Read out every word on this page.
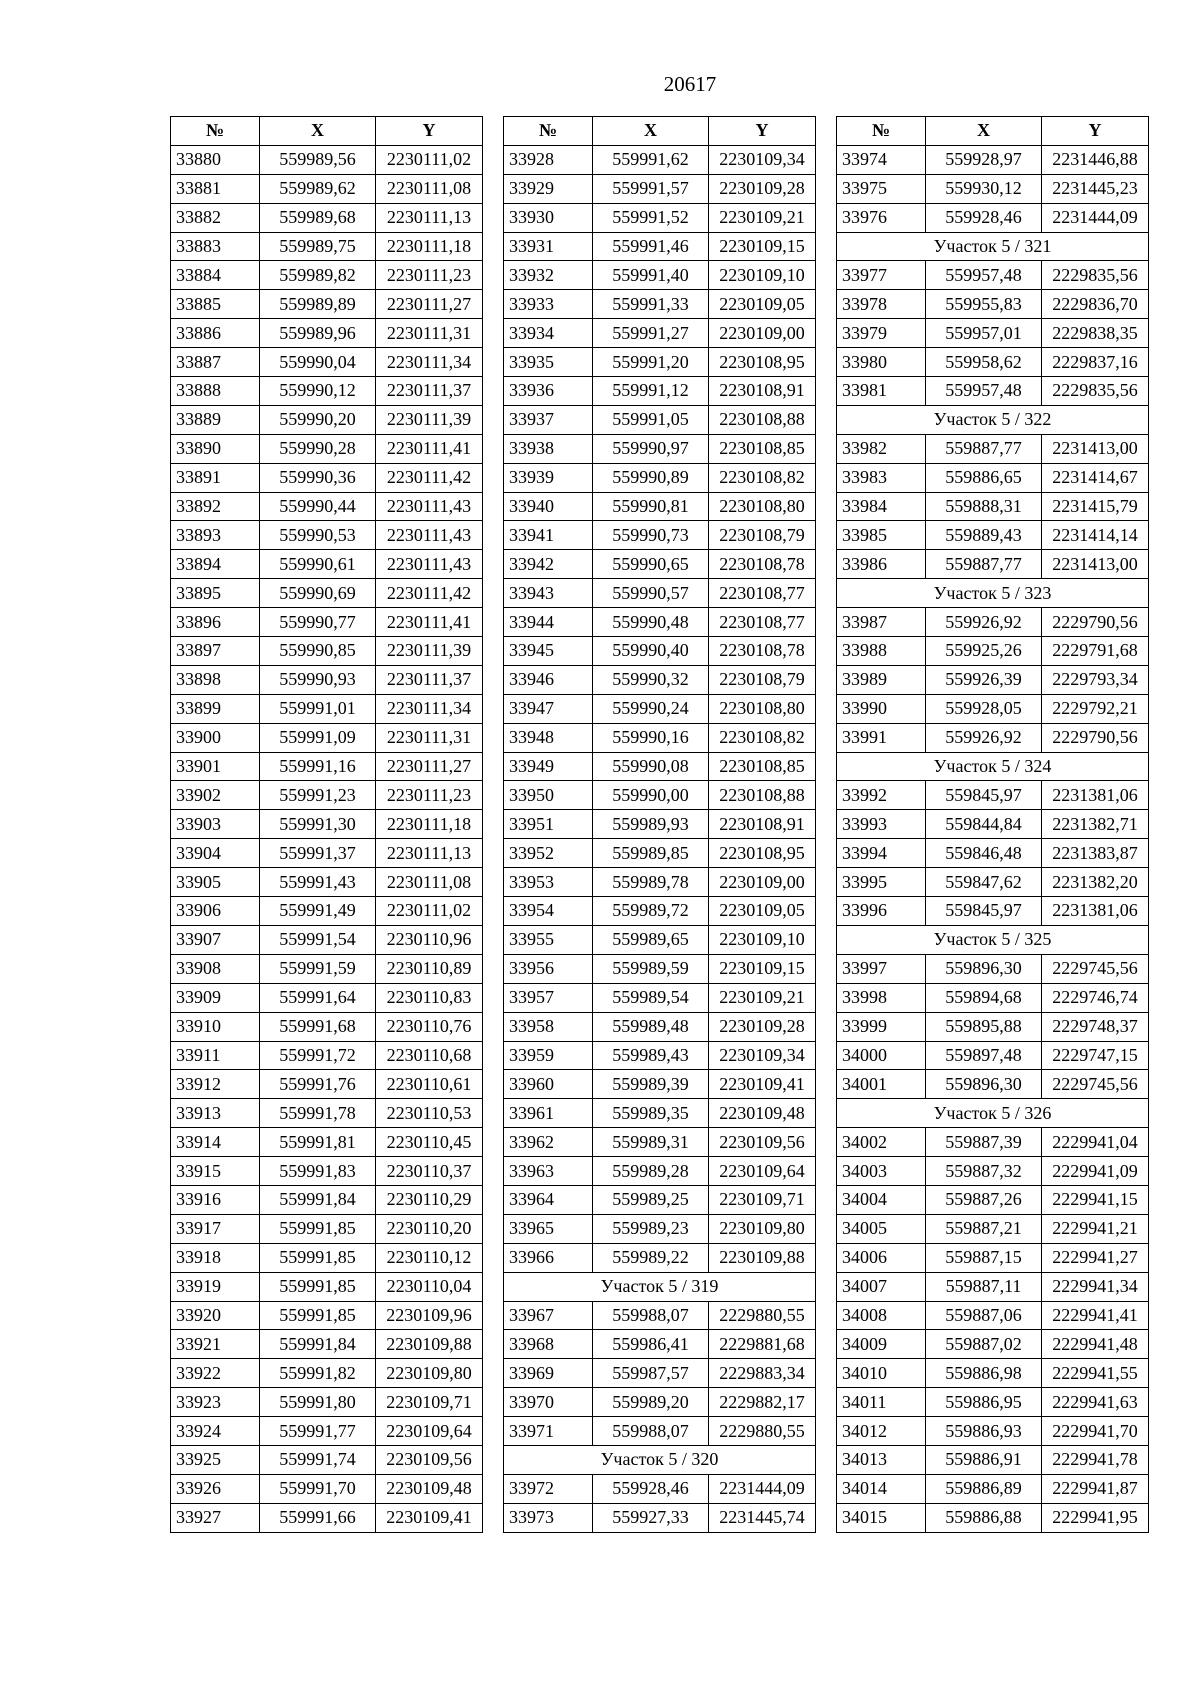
20617
№	X	Y
33880	559989,56	2230111,02
33881	559989,62	2230111,08
33882	559989,68	2230111,13
33883	559989,75	2230111,18
33884	559989,82	2230111,23
33885	559989,89	2230111,27
33886	559989,96	2230111,31
33887	559990,04	2230111,34
33888	559990,12	2230111,37
33889	559990,20	2230111,39
33890	559990,28	2230111,41
33891	559990,36	2230111,42
33892	559990,44	2230111,43
33893	559990,53	2230111,43
33894	559990,61	2230111,43
33895	559990,69	2230111,42
33896	559990,77	2230111,41
33897	559990,85	2230111,39
33898	559990,93	2230111,37
33899	559991,01	2230111,34
33900	559991,09	2230111,31
33901	559991,16	2230111,27
33902	559991,23	2230111,23
33903	559991,30	2230111,18
33904	559991,37	2230111,13
33905	559991,43	2230111,08
33906	559991,49	2230111,02
33907	559991,54	2230110,96
33908	559991,59	2230110,89
33909	559991,64	2230110,83
33910	559991,68	2230110,76
33911	559991,72	2230110,68
33912	559991,76	2230110,61
33913	559991,78	2230110,53
33914	559991,81	2230110,45
33915	559991,83	2230110,37
33916	559991,84	2230110,29
33917	559991,85	2230110,20
33918	559991,85	2230110,12
33919	559991,85	2230110,04
33920	559991,85	2230109,96
33921	559991,84	2230109,88
33922	559991,82	2230109,80
33923	559991,80	2230109,71
33924	559991,77	2230109,64
33925	559991,74	2230109,56
33926	559991,70	2230109,48
33927	559991,66	2230109,41
№	X	Y
33928	559991,62	2230109,34
33929	559991,57	2230109,28
33930	559991,52	2230109,21
33931	559991,46	2230109,15
33932	559991,40	2230109,10
33933	559991,33	2230109,05
33934	559991,27	2230109,00
33935	559991,20	2230108,95
33936	559991,12	2230108,91
33937	559991,05	2230108,88
33938	559990,97	2230108,85
33939	559990,89	2230108,82
33940	559990,81	2230108,80
33941	559990,73	2230108,79
33942	559990,65	2230108,78
33943	559990,57	2230108,77
33944	559990,48	2230108,77
33945	559990,40	2230108,78
33946	559990,32	2230108,79
33947	559990,24	2230108,80
33948	559990,16	2230108,82
33949	559990,08	2230108,85
33950	559990,00	2230108,88
33951	559989,93	2230108,91
33952	559989,85	2230108,95
33953	559989,78	2230109,00
33954	559989,72	2230109,05
33955	559989,65	2230109,10
33956	559989,59	2230109,15
33957	559989,54	2230109,21
33958	559989,48	2230109,28
33959	559989,43	2230109,34
33960	559989,39	2230109,41
33961	559989,35	2230109,48
33962	559989,31	2230109,56
33963	559989,28	2230109,64
33964	559989,25	2230109,71
33965	559989,23	2230109,80
33966	559989,22	2230109,88
Участок 5 / 319		
33967	559988,07	2229880,55
33968	559986,41	2229881,68
33969	559987,57	2229883,34
33970	559989,20	2229882,17
33971	559988,07	2229880,55
Участок 5 / 320		
33972	559928,46	2231444,09
33973	559927,33	2231445,74
№	X	Y
33974	559928,97	2231446,88
33975	559930,12	2231445,23
33976	559928,46	2231444,09
Участок 5 / 321		
33977	559957,48	2229835,56
33978	559955,83	2229836,70
33979	559957,01	2229838,35
33980	559958,62	2229837,16
33981	559957,48	2229835,56
Участок 5 / 322		
33982	559887,77	2231413,00
33983	559886,65	2231414,67
33984	559888,31	2231415,79
33985	559889,43	2231414,14
33986	559887,77	2231413,00
Участок 5 / 323		
33987	559926,92	2229790,56
33988	559925,26	2229791,68
33989	559926,39	2229793,34
33990	559928,05	2229792,21
33991	559926,92	2229790,56
Участок 5 / 324		
33992	559845,97	2231381,06
33993	559844,84	2231382,71
33994	559846,48	2231383,87
33995	559847,62	2231382,20
33996	559845,97	2231381,06
Участок 5 / 325		
33997	559896,30	2229745,56
33998	559894,68	2229746,74
33999	559895,88	2229748,37
34000	559897,48	2229747,15
34001	559896,30	2229745,56
Участок 5 / 326		
34002	559887,39	2229941,04
34003	559887,32	2229941,09
34004	559887,26	2229941,15
34005	559887,21	2229941,21
34006	559887,15	2229941,27
34007	559887,11	2229941,34
34008	559887,06	2229941,41
34009	559887,02	2229941,48
34010	559886,98	2229941,55
34011	559886,95	2229941,63
34012	559886,93	2229941,70
34013	559886,91	2229941,78
34014	559886,89	2229941,87
34015	559886,88	2229941,95
